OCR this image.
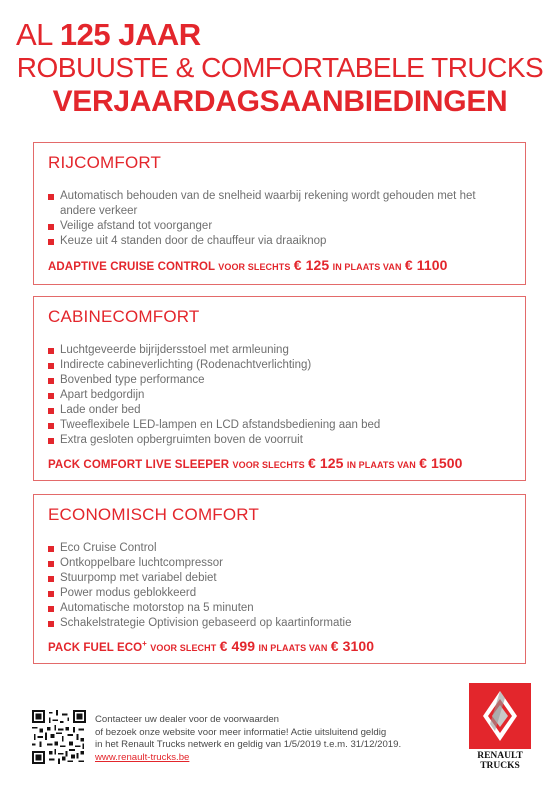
AL 125 JAAR
ROBUUSTE & COMFORTABELE TRUCKS
VERJAARDAGSAANBIEDINGEN
RIJCOMFORT
Automatisch behouden van de snelheid waarbij rekening wordt gehouden met het andere verkeer
Veilige afstand tot voorganger
Keuze uit 4 standen door de chauffeur via draaiknop
ADAPTIVE CRUISE CONTROL VOOR SLECHTS € 125 IN PLAATS VAN € 1100
CABINECOMFORT
Luchtgeveerde bijrijdersstoel met armleuning
Indirecte cabineverlichting (Rodenachtverlichting)
Bovenbed type performance
Apart bedgordijn
Lade onder bed
Tweeflexibele LED-lampen en LCD afstandsbediening aan bed
Extra gesloten opbergruimten boven de voorruit
PACK COMFORT LIVE SLEEPER VOOR SLECHTS € 125 IN PLAATS VAN € 1500
ECONOMISCH COMFORT
Eco Cruise Control
Ontkoppelbare luchtcompressor
Stuurpomp met variabel debiet
Power modus geblokkeerd
Automatische motorstop na 5 minuten
Schakelstrategie Optivision gebaseerd op kaartinformatie
PACK FUEL ECO+ VOOR SLECHT € 499 IN PLAATS VAN € 3100
Contacteer uw dealer voor de voorwaarden
of bezoek onze website voor meer informatie! Actie uitsluitend geldig
in het Renault Trucks netwerk en geldig van 1/5/2019 t.e.m. 31/12/2019.
www.renault-trucks.be	RENAULT
TRUCKS
